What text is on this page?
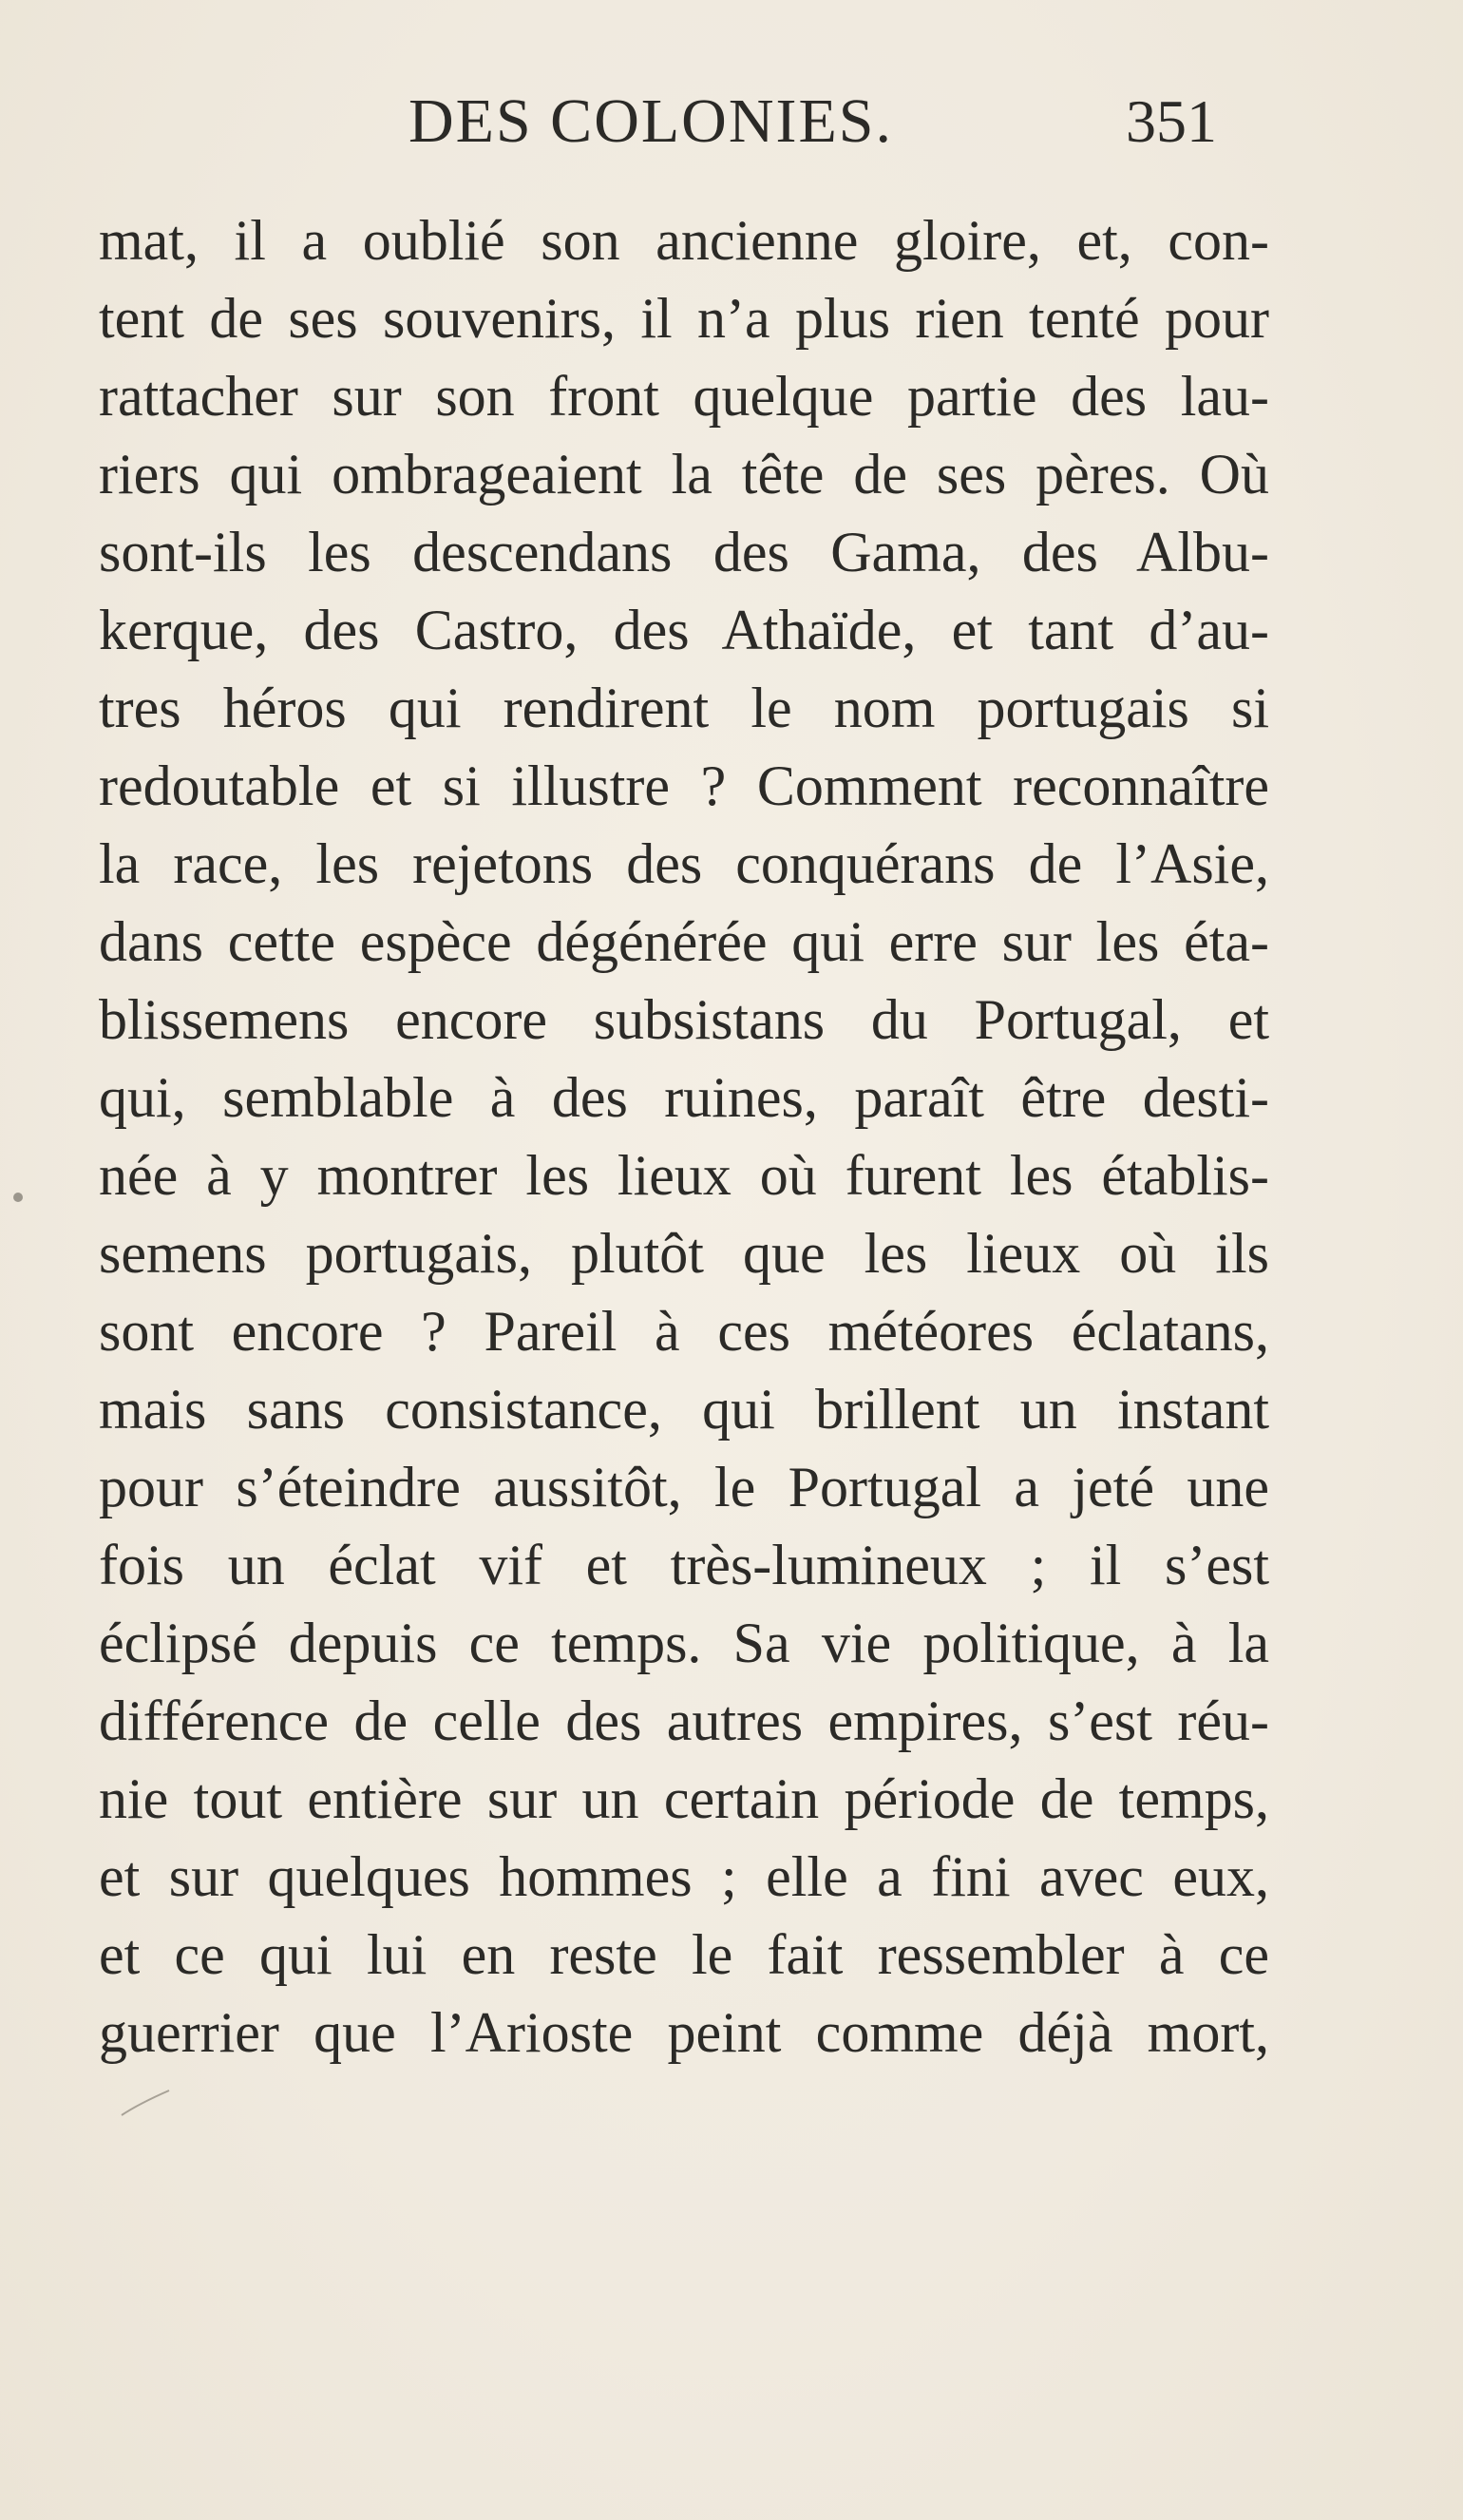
DES COLONIES.	351
mat, il a oublié son ancienne gloire, et, con-
tent de ses souvenirs, il n’a plus rien tenté pour
rattacher sur son front quelque partie des lau-
riers qui ombrageaient la tête de ses pères. Où
sont-ils les descendans des Gama, des Albu-
kerque, des Castro, des Athaïde, et tant d’au-
tres héros qui rendirent le nom portugais si
redoutable et si illustre ? Comment reconnaître
la race, les rejetons des conquérans de l’Asie,
dans cette espèce dégénérée qui erre sur les éta-
blissemens encore subsistans du Portugal, et
qui, semblable à des ruines, paraît être desti-
née à y montrer les lieux où furent les établis-
semens portugais, plutôt que les lieux où ils
sont encore ? Pareil à ces météores éclatans,
mais sans consistance, qui brillent un instant
pour s’éteindre aussitôt, le Portugal a jeté une
fois un éclat vif et très-lumineux ; il s’est
éclipsé depuis ce temps. Sa vie politique, à la
différence de celle des autres empires, s’est réu-
nie tout entière sur un certain période de temps,
et sur quelques hommes ; elle a fini avec eux,
et ce qui lui en reste le fait ressembler à ce
guerrier que l’Arioste peint comme déjà mort,
